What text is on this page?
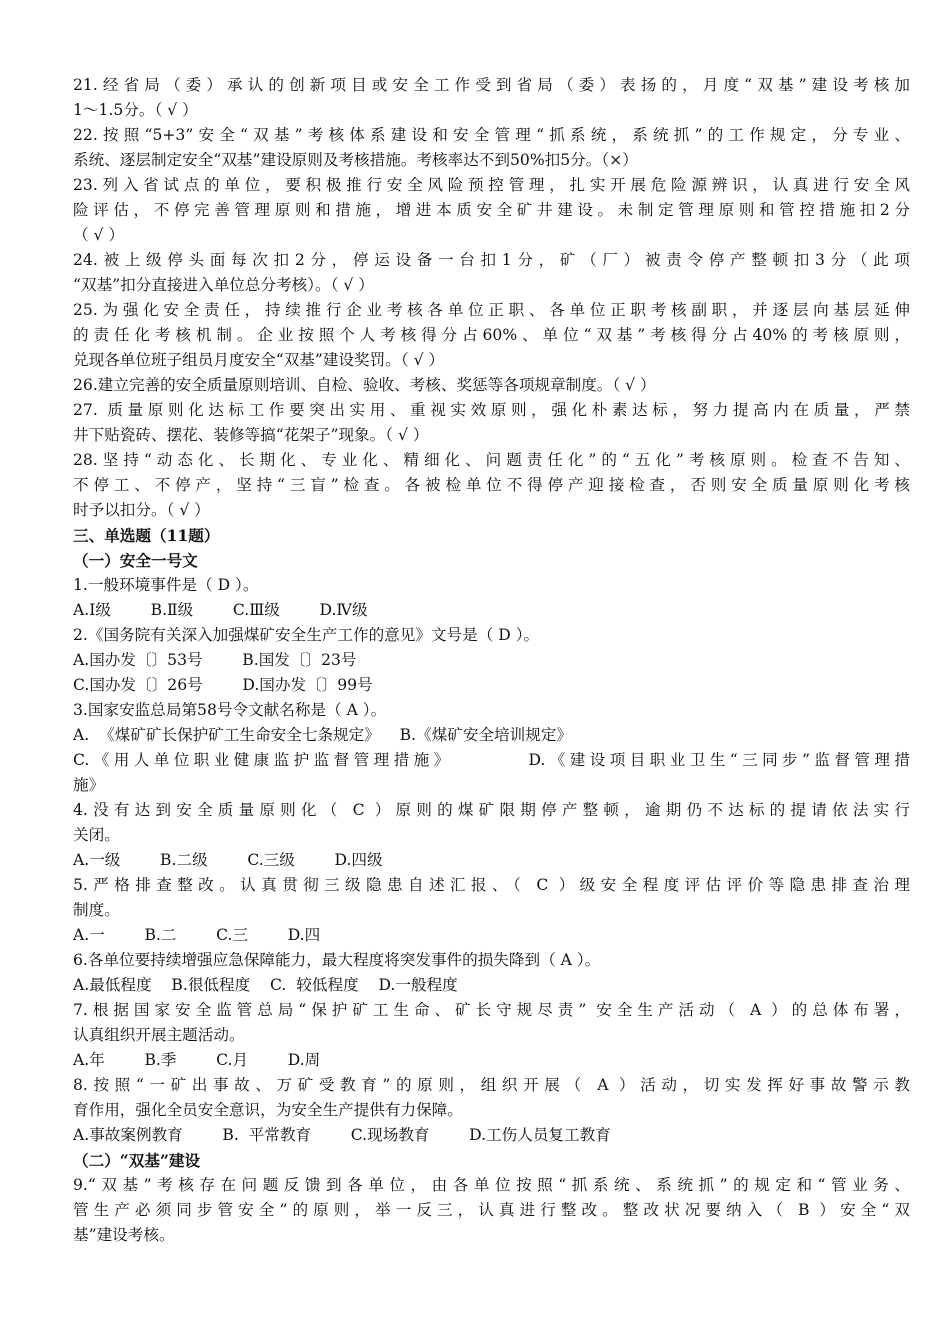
21.经省局（委）承认的创新项目或安全工作受到省局（委）表扬的，月度“双基”建设考核加
1～1.5分。（ √ ）
22.按照“5+3”安全“双基”考核体系建设和安全管理“抓系统，系统抓”的工作规定，分专业、
系统、逐层制定安全“双基”建设原则及考核措施。考核率达不到50%扣5分。（×）
23.列入省试点的单位，要积极推行安全风险预控管理，扎实开展危险源辨识，认真进行安全风
险评估，不停完善管理原则和措施，增进本质安全矿井建设。未制定管理原则和管控措施扣2分
（ √ ）
24.被上级停头面每次扣2分，停运设备一台扣1分，矿（厂）被责令停产整顿扣3分（此项
“双基”扣分直接进入单位总分考核）。（ √ ）
25.为强化安全责任，持续推行企业考核各单位正职、各单位正职考核副职，并逐层向基层延伸
的责任化考核机制。企业按照个人考核得分占60%、单位“双基”考核得分占40%的考核原则，
兑现各单位班子组员月度安全“双基”建设奖罚。（ √ ）
26.建立完善的安全质量原则培训、自检、验收、考核、奖惩等各项规章制度。（ √ ）
27. 质量原则化达标工作要突出实用、重视实效原则，强化朴素达标，努力提高内在质量，严禁
井下贴瓷砖、摆花、装修等搞“花架子”现象。（ √ ）
28.坚持“动态化、长期化、专业化、精细化、问题责任化”的“五化”考核原则。检查不告知、
不停工、不停产，坚持“三盲”检查。各被检单位不得停产迎接检查，否则安全质量原则化考核
时予以扣分。（ √ ）
三、单选题（11题）
（一）安全一号文
1.一般环境事件是（ D ）。
A.Ⅰ级        B.Ⅱ级        C.Ⅲ级        D.Ⅳ级
2.《国务院有关深入加强煤矿安全生产工作的意见》文号是（ D ）。
A.国办发〔〕53号        B.国发〔〕23号
C.国办发〔〕26号        D.国办发〔〕99号
3.国家安监总局第58号令文献名称是（ A ）。
A.  《煤矿矿长保护矿工生命安全七条规定》    B.《煤矿安全培训规定》
C.《用人单位职业健康监护监督管理措施》        D.《建设项目职业卫生“三同步”监督管理措
施》
4.没有达到安全质量原则化（ C ）原则的煤矿限期停产整顿，逾期仍不达标的提请依法实行
关闭。
A.一级        B.二级        C.三级        D.四级
5.严格排查整改。认真贯彻三级隐患自述汇报、（ C ）级安全程度评估评价等隐患排查治理
制度。
A.一        B.二        C.三        D.四
6.各单位要持续增强应急保障能力，最大程度将突发事件的损失降到（ A ）。
A.最低程度    B.很低程度    C.  较低程度    D.一般程度
7.根据国家安全监管总局“保护矿工生命、矿长守规尽责” 安全生产活动（ A ）的总体布署，
认真组织开展主题活动。
A.年        B.季        C.月        D.周
8.按照“一矿出事故、万矿受教育”的原则，组织开展（ A ）活动，切实发挥好事故警示教
育作用，强化全员安全意识，为安全生产提供有力保障。
A.事故案例教育        B.  平常教育        C.现场教育        D.工伤人员复工教育
（二）“双基”建设
9.“双基”考核存在问题反馈到各单位，由各单位按照“抓系统、系统抓”的规定和“管业务、
管生产必须同步管安全”的原则，举一反三，认真进行整改。整改状况要纳入（ B ）安全“双
基”建设考核。
